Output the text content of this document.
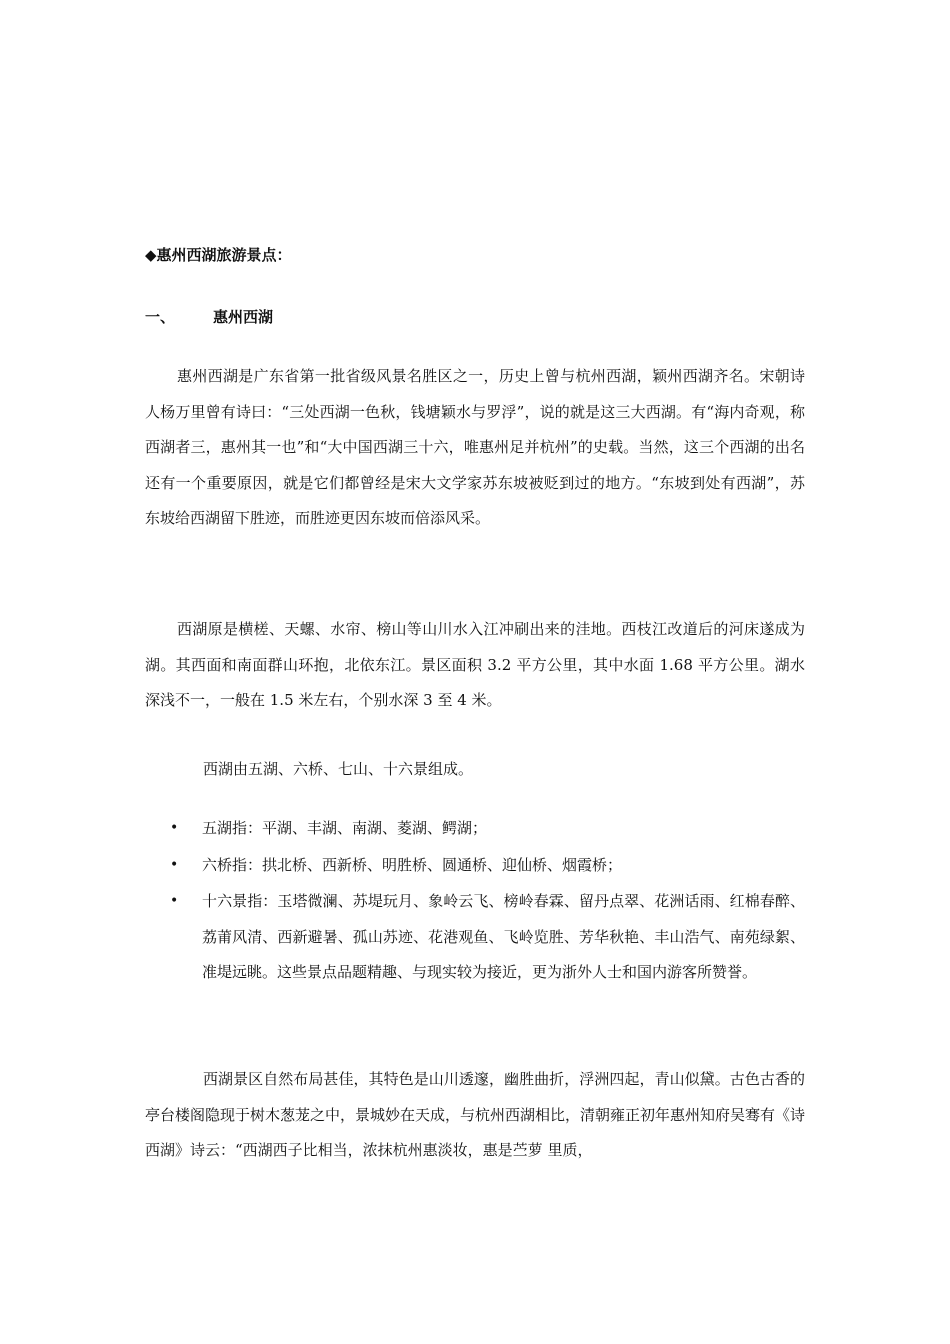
◆惠州西湖旅游景点：
一、	惠州西湖

惠州西湖是广东省第一批省级风景名胜区之一，历史上曾与杭州西湖，颖州西湖齐名。宋朝诗人杨万里曾有诗曰：“三处西湖一色秋，钱塘颖水与罗浮”，说的就是这三大西湖。有“海内奇观，称西湖者三，惠州其一也”和“大中国西湖三十六，唯惠州足并杭州”的史载。当然，这三个西湖的出名还有一个重要原因，就是它们都曾经是宋大文学家苏东坡被贬到过的地方。“东坡到处有西湖”，苏东坡给西湖留下胜迹，而胜迹更因东坡而倍添风采。

西湖原是横槎、天螺、水帘、榜山等山川水入江冲刷出来的洼地。西枝江改道后的河床遂成为湖。其西面和南面群山环抱，北依东江。景区面积 3.2 平方公里，其中水面 1.68 平方公里。湖水深浅不一，一般在 1.5 米左右，个别水深 3 至 4 米。

西湖由五湖、六桥、七山、十六景组成。

• 五湖指：平湖、丰湖、南湖、菱湖、鳄湖；
• 六桥指：拱北桥、西新桥、明胜桥、圆通桥、迎仙桥、烟霞桥；
• 十六景指：玉塔微澜、苏堤玩月、象岭云飞、榜岭春霖、留丹点翠、花洲话雨、红棉春醉、荔莆风清、西新避暑、孤山苏迹、花港观鱼、飞岭览胜、芳华秋艳、丰山浩气、南苑绿絮、准堤远眺。这些景点品题精趣、与现实较为接近，更为浙外人士和国内游客所赞誉。

西湖景区自然布局甚佳，其特色是山川透邃，幽胜曲折，浮洲四起，青山似黛。古色古香的亭台楼阁隐现于树木葱茏之中，景城妙在天成，与杭州西湖相比，清朝雍正初年惠州知府吴骞有《诗西湖》诗云：“西湖西子比相当，浓抹杭州惠淡妆，惠是苎萝 里质，
